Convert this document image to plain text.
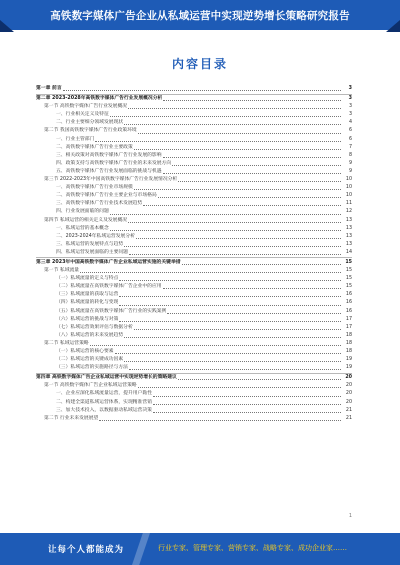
高铁数字媒体广告企业从私域运营中实现逆势增长策略研究报告
内容目录
第一章 前言	3
第二章 2023-2028年高铁数字媒体广告行业发展概况分析	3
第一节 高铁数字媒体广告行业发展概况	3
一、行业相关定义及特征	3
二、行业主要细分领域发展现状	4
第二节 我国高铁数字媒体广告行业政策环境	6
一、行业主管部门	6
二、高铁数字媒体广告行业主要政策	7
三、相关政策对高铁数字媒体广告行业发展的影响	8
四、政策支持与高铁数字媒体广告行业的未来发展方向	9
五、高铁数字媒体广告行业发展面临的挑战与机遇	9
第三节 2022-2023年中国高铁数字媒体广告行业发展情况分析	10
一、高铁数字媒体广告行业市场规模	10
二、高铁数字媒体广告行业主要企业与市场格局	10
三、高铁数字媒体广告行业技术发展趋势	11
四、行业发展面临的问题	12
第四节 私域运营的相关定义及发展概况	13
一、私域运营的基本概念	13
二、2023-2024年私域运营发展分析	13
三、私域运营的发展特点与趋势	13
四、私域运营发展面临的主要问题	14
第三章 2023年中国高铁数字媒体广告企业私域运营实施的关键举措	15
第一节 私域流量	15
（一）私域流量的定义与特点	15
（二）私域流量在高铁数字媒体广告企业中的应用	15
（三）私域流量的获取与运营	16
（四）私域流量的转化与变现	16
（五）私域流量在高铁数字媒体广告行业的实践案例	16
（六）私域运营的挑战与对策	17
（七）私域运营效果评估与数据分析	17
（八）私域运营的未来发展趋势	18
第二节 私域运营策略	18
（一）私域运营的核心要素	18
（二）私域运营的关键成功因素	19
（三）私域运营的实施路径与方法	19
第四章 高铁数字媒体广告企业私域运营中实现逆势增长的策略建议	20
第一节 高铁数字媒体广告企业私域运营策略	20
一、企业应深化私域流量运营，提升用户黏性	20
二、构建全渠道私域运营体系，实现精准营销	20
三、加大技术投入，以数据驱动私域运营决策	21
第二节 行业未来发展展望	21
1
让每个人都能成为	行业专家、管理专家、营销专家、战略专家、成功企业家……
